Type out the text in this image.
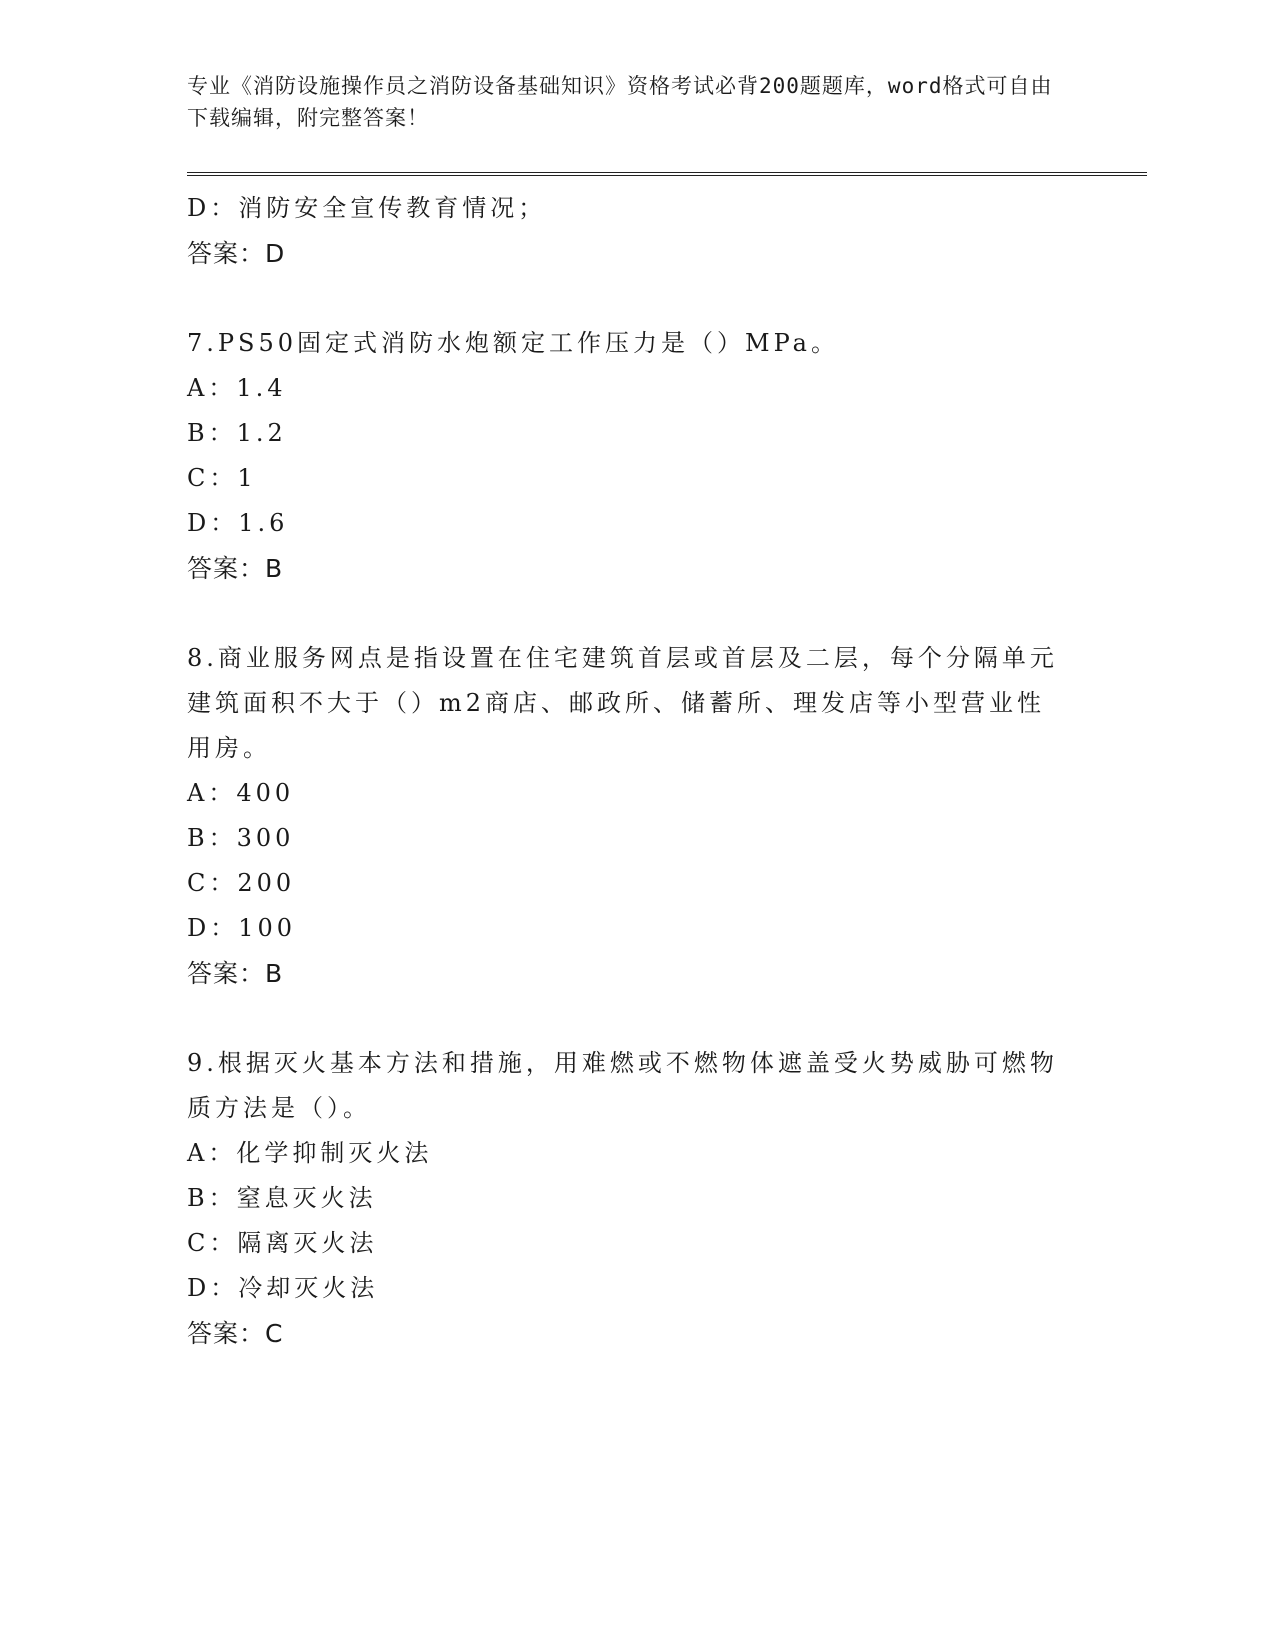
专业《消防设施操作员之消防设备基础知识》资格考试必背200题题库，word格式可自由下载编辑，附完整答案！
D：消防安全宣传教育情况；
答案：D
7.PS50固定式消防水炮额定工作压力是（）MPa。
A：1.4
B：1.2
C：1
D：1.6
答案：B
8.商业服务网点是指设置在住宅建筑首层或首层及二层，每个分隔单元建筑面积不大于（）m2商店、邮政所、储蓄所、理发店等小型营业性用房。
A：400
B：300
C：200
D：100
答案：B
9.根据灭火基本方法和措施，用难燃或不燃物体遮盖受火势威胁可燃物质方法是（）。
A：化学抑制灭火法
B：窒息灭火法
C：隔离灭火法
D：冷却灭火法
答案：C
